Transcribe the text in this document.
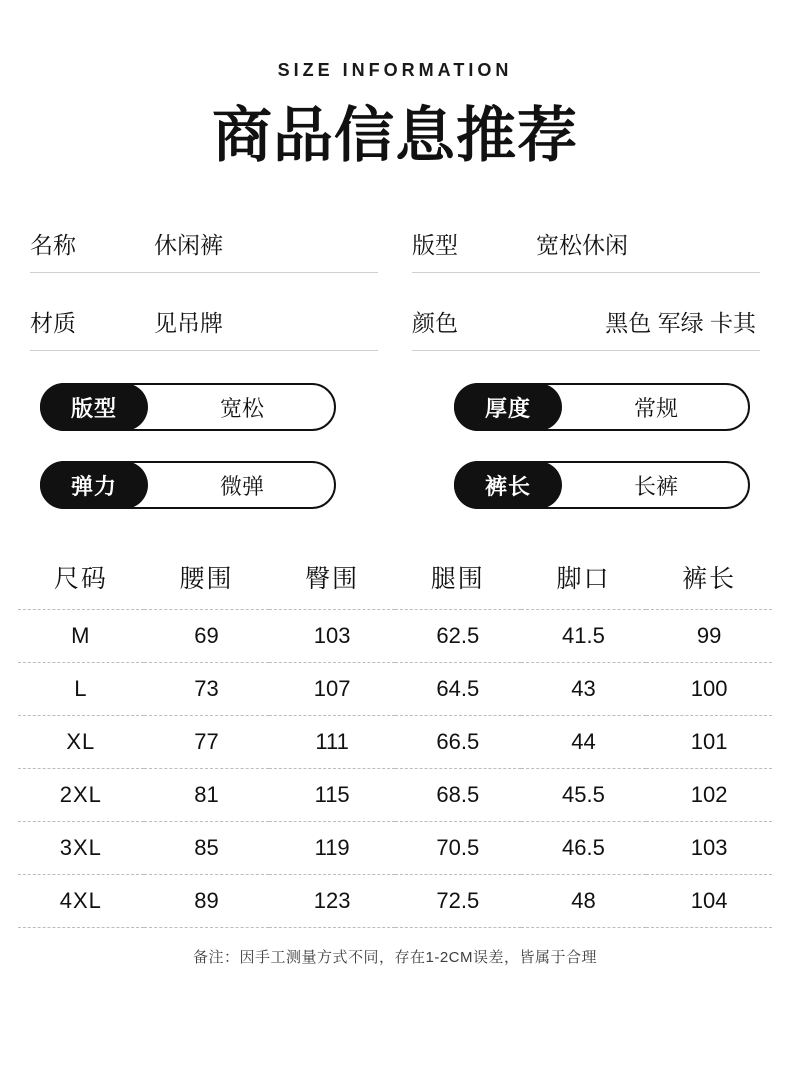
SIZE INFORMATION
商品信息推荐
名称	休闲裤	版型	宽松休闲
材质	见吊牌	颜色	黑色 军绿 卡其
版型	宽松	厚度	常规
弹力	微弹	裤长	长裤
尺码	腰围	臀围	腿围	脚口	裤长
M	69	103	62.5	41.5	99
L	73	107	64.5	43	100
XL	77	111	66.5	44	101
2XL	81	115	68.5	45.5	102
3XL	85	119	70.5	46.5	103
4XL	89	123	72.5	48	104
备注：因手工测量方式不同，存在1-2CM误差，皆属于合理
